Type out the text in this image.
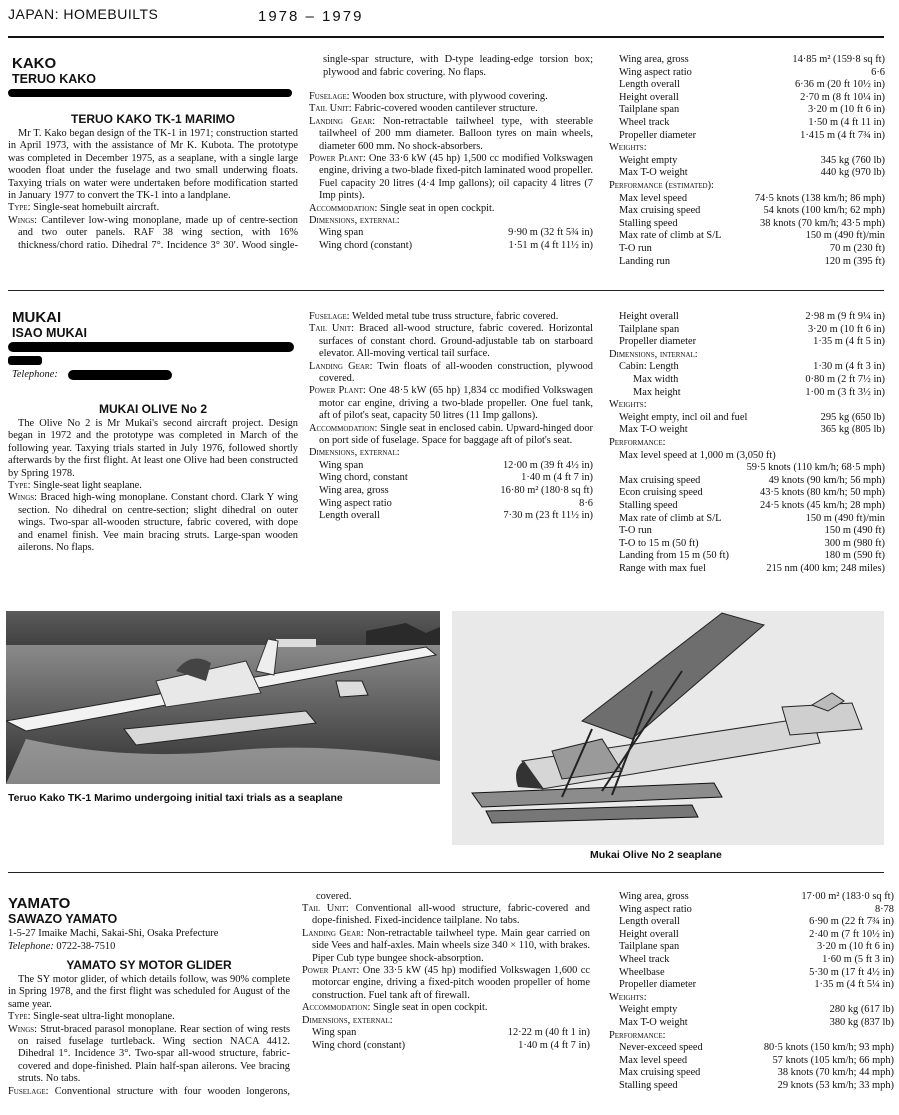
JAPAN: HOMEBUILTS	1978 – 1979
KAKO
TERUO KAKO
TERUO KAKO TK-1 MARIMO

Mr T. Kako began design of the TK-1 in 1971; construction started in April 1973, with the assistance of Mr K. Kubota. The prototype was completed in December 1975, as a seaplane, with a single large wooden float under the fuselage and two small underwing floats. Taxying trials on water were undertaken before modification started in January 1977 to convert the TK-1 into a landplane.

Type: Single-seat homebuilt aircraft.
Wings: Cantilever low-wing monoplane, made up of centre-section and two outer panels. RAF 38 wing section, with 16% thickness/chord ratio. Dihedral 7°. Incidence 3° 30′. Wood single-
single-spar structure, with D-type leading-edge torsion box; plywood and fabric covering. No flaps.
Fuselage: Wooden box structure, with plywood covering.
Tail Unit: Fabric-covered wooden cantilever structure.
Landing Gear: Non-retractable tailwheel type, with steerable tailwheel of 200 mm diameter. Balloon tyres on main wheels, diameter 600 mm. No shock-absorbers.
Power Plant: One 33·6 kW (45 hp) 1,500 cc modified Volkswagen engine, driving a two-blade fixed-pitch laminated wood propeller. Fuel capacity 20 litres (4·4 Imp gallons); oil capacity 4 litres (7 Imp pints).
Accommodation: Single seat in open cockpit.
Dimensions, external:
Wing span	9·90 m (32 ft 5¾ in)
Wing chord (constant)	1·51 m (4 ft 11½ in)
Wing area, gross	14·85 m² (159·8 sq ft)
Wing aspect ratio	6·6
Length overall	6·36 m (20 ft 10½ in)
Height overall	2·70 m (8 ft 10¼ in)
Tailplane span	3·20 m (10 ft 6 in)
Wheel track	1·50 m (4 ft 11 in)
Propeller diameter	1·415 m (4 ft 7¾ in)
Weights:
Weight empty	345 kg (760 lb)
Max T-O weight	440 kg (970 lb)
Performance (estimated):
Max level speed	74·5 knots (138 km/h; 86 mph)
Max cruising speed	54 knots (100 km/h; 62 mph)
Stalling speed	38 knots (70 km/h; 43·5 mph)
Max rate of climb at S/L	150 m (490 ft)/min
T-O run	70 m (230 ft)
Landing run	120 m (395 ft)
MUKAI
ISAO MUKAI
Telephone:
MUKAI OLIVE No 2

The Olive No 2 is Mr Mukai's second aircraft project. Design began in 1972 and the prototype was completed in March of the following year. Taxying trials started in July 1976, followed shortly afterwards by the first flight. At least one Olive had been constructed by Spring 1978.

Type: Single-seat light seaplane.
Wings: Braced high-wing monoplane. Constant chord. Clark Y wing section. No dihedral on centre-section; slight dihedral on outer wings. Two-spar all-wooden structure, fabric covered, with dope and enamel finish. Vee main bracing struts. Large-span wooden ailerons. No flaps.
Fuselage: Welded metal tube truss structure, fabric covered.
Tail Unit: Braced all-wood structure, fabric covered. Horizontal surfaces of constant chord. Ground-adjustable tab on starboard elevator. All-moving vertical tail surface.
Landing Gear: Twin floats of all-wooden construction, plywood covered.
Power Plant: One 48·5 kW (65 hp) 1,834 cc modified Volkswagen motor car engine, driving a two-blade propeller. One fuel tank, aft of pilot's seat, capacity 50 litres (11 Imp gallons).
Accommodation: Single seat in enclosed cabin. Upward-hinged door on port side of fuselage. Space for baggage aft of pilot's seat.
Dimensions, external:
Wing span	12·00 m (39 ft 4½ in)
Wing chord, constant	1·40 m (4 ft 7 in)
Wing area, gross	16·80 m² (180·8 sq ft)
Wing aspect ratio	8·6
Length overall	7·30 m (23 ft 11½ in)
Height overall	2·98 m (9 ft 9¼ in)
Tailplane span	3·20 m (10 ft 6 in)
Propeller diameter	1·35 m (4 ft 5 in)
Dimensions, internal:
Cabin: Length	1·30 m (4 ft 3 in)
Max width	0·80 m (2 ft 7½ in)
Max height	1·00 m (3 ft 3½ in)
Weights:
Weight empty, incl oil and fuel	295 kg (650 lb)
Max T-O weight	365 kg (805 lb)
Performance:
Max level speed at 1,000 m (3,050 ft)
59·5 knots (110 km/h; 68·5 mph)
Max cruising speed	49 knots (90 km/h; 56 mph)
Econ cruising speed	43·5 knots (80 km/h; 50 mph)
Stalling speed	24·5 knots (45 km/h; 28 mph)
Max rate of climb at S/L	150 m (490 ft)/min
T-O run	150 m (490 ft)
T-O to 15 m (50 ft)	300 m (980 ft)
Landing from 15 m (50 ft)	180 m (590 ft)
Range with max fuel	215 nm (400 km; 248 miles)
Teruo Kako TK-1 Marimo undergoing initial taxi trials as a seaplane
Mukai Olive No 2 seaplane
YAMATO
SAWAZO YAMATO
1-5-27 Imaike Machi, Sakai-Shi, Osaka Prefecture
Telephone: 0722-38-7510
YAMATO SY MOTOR GLIDER

The SY motor glider, of which details follow, was 90% complete in Spring 1978, and the first flight was scheduled for August of the same year.

Type: Single-seat ultra-light monoplane.
Wings: Strut-braced parasol monoplane. Rear section of wing rests on raised fuselage turtleback. Wing section NACA 4412. Dihedral 1°. Incidence 3°. Two-spar all-wood structure, fabric-covered and dope-finished. Plain half-span ailerons. Vee bracing struts. No tabs.
Fuselage: Conventional structure with four wooden longerons,
covered.
Tail Unit: Conventional all-wood structure, fabric-covered and dope-finished. Fixed-incidence tailplane. No tabs.
Landing Gear: Non-retractable tailwheel type. Main gear carried on side Vees and half-axles. Main wheels size 340 × 110, with brakes. Piper Cub type bungee shock-absorption.
Power Plant: One 33·5 kW (45 hp) modified Volkswagen 1,600 cc motorcar engine, driving a fixed-pitch wooden propeller of home construction. Fuel tank aft of firewall.
Accommodation: Single seat in open cockpit.
Dimensions, external:
Wing span	12·22 m (40 ft 1 in)
Wing chord (constant)	1·40 m (4 ft 7 in)
Wing area, gross	17·00 m² (183·0 sq ft)
Wing aspect ratio	8·78
Length overall	6·90 m (22 ft 7¾ in)
Height overall	2·40 m (7 ft 10½ in)
Tailplane span	3·20 m (10 ft 6 in)
Wheel track	1·60 m (5 ft 3 in)
Wheelbase	5·30 m (17 ft 4½ in)
Propeller diameter	1·35 m (4 ft 5¼ in)
Weights:
Weight empty	280 kg (617 lb)
Max T-O weight	380 kg (837 lb)
Performance:
Never-exceed speed	80·5 knots (150 km/h; 93 mph)
Max level speed	57 knots (105 km/h; 66 mph)
Max cruising speed	38 knots (70 km/h; 44 mph)
Stalling speed	29 knots (53 km/h; 33 mph)
